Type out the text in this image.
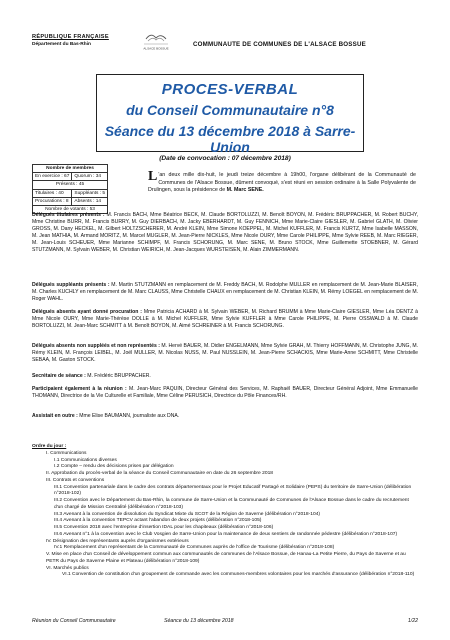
RÉPUBLIQUE FRANÇAISE
Département du Bas-Rhin
ALSACE BOSSUE
COMMUNAUTE DE COMMUNES DE L'ALSACE BOSSUE
PROCES-VERBAL
du Conseil Communautaire n°8
Séance du 13 décembre 2018 à Sarre-Union
(Date de convocation : 07 décembre 2018)
Nombre de membres	
En exercice : 67	Quorum : 34
Présents : 45	
Titulaires : 40	Suppléants : 5
Procurations : 8	Absents : 14
Nombre de votants : 53	
L 'an deux mille dix-huit, le jeudi treize décembre à 19h00, l'organe délibérant de la Communauté de Communes de l'Alsace Bossue, dûment convoqué, s'est réuni en session ordinaire à la Salle Polyvalente de Drulingen, sous la présidence de M. Marc SENE.

Délégués titulaires présents : M. Francis BACH, Mme Béatrice BECK, M. Claude BORTOLUZZI, M. Benoît BOYON, M. Frédéric BRUPPACHER, M. Robert BUCHY, Mme Christine BURR, M. Francis BURRY, M. Guy DIERBACH, M. Jacky EBERHARDT, M. Guy FENNICH, Mme Marie-Claire GIESLER, M. Gabriel GLATH, M. Olivier GROSS, M. Dany HECKEL, M. Gilbert HOLTZSCHERER, M. André KLEIN, Mme Simone KOEPPEL, M. Michel KUFFLER, M. Francis KURTZ, Mme Isabelle MASSON, M. Jean MATHIA, M. Armand MORITZ, M. Marcel MUGLER, M. Jean-Pierre NICKLES, Mme Nicole OURY, Mme Carole PHILIPPE, Mme Sylvie REEB, M. Marc RIEGER, M. Jean-Louis SCHEUER, Mme Marianne SCHIMPF, M. Francis SCHORUNG, M. Marc SENE, M. Bruno STOCK, Mme Guillemette STOEBNER, M. Gérard STUTZMANN, M. Sylvain WEBER, M. Christian WEIRICH, M. Jean-Jacques WURSTEISEN, M. Alain ZIMMERMANN.

Délégués suppléants présents : M. Martin STUTZMANN en remplacement de M. Freddy BACH, M. Rodolphe MULLER en remplacement de M. Jean-Marie BLAISER, M. Charles KUCHLY en remplacement de M. Marc CLAUSS, Mme Christelle CHAUX en remplacement de M. Christian KLEIN, M. Rémy LOEGEL en remplacement de M. Roger WAHL.

Délégués absents ayant donné procuration : Mme Patricia ACHARD à M. Sylvain WEBER, M. Richard BRUMM à Mme Marie-Claire GIESLER, Mme Léa DENTZ à Mme Nicole OURY, Mme Marie-Thérèse DOLLE à M. Michel KUFFLER, Mme Sylvie KUFFLER à Mme Carole PHILIPPE, M. Pierre OSSWALD à M. Claude BORTOLUZZI, M. Jean-Marc SCHMITT à M. Benoît BOYON, M. Aimé SCHREINER à M. Francis SCHORUNG.

Délégués absents non suppléés et non représentés : M. Hervé BAUER, M. Didier ENGELMANN, Mme Sylvie GRAH, M. Thierry HOFFMANN, M. Christophe JUNG, M. Rémy KLEIN, M. François LEIBEL, M. Joël MULLER, M. Nicolas NUSS, M. Paul NUSSLEIN, M. Jean-Pierre SCHACKIS, Mme Marie-Anne SCHMITT, Mme Christelle SEBAA, M. Gaston STOCK.

Secrétaire de séance : M. Frédéric BRUPPACHER.

Participaient également à la réunion : M. Jean-Marc PAQUIN, Directeur Général des Services, M. Raphaël BAUER, Directeur Général Adjoint, Mme Emmanuelle THOMANN, Directrice de la Vie Culturelle et Familiale, Mme Céline PERUSICH, Directrice du Pôle Finances/RH.

Assistait en outre : Mme Elise BAUMANN, journaliste aux DNA.

Ordre du jour :
I. Communications
I.1 Communications diverses
I.2 Compte – rendu des décisions prises par délégation
II. Approbation du procès-verbal de la séance du Conseil Communautaire en date du 26 septembre 2018
III. Contrats et conventions
III.1 Convention partenariale dans le cadre des contrats départementaux pour le Projet Educatif Partagé et Solidaire (PEPS) du territoire de Sarre-Union (délibération n°2018-102)
III.2 Convention avec le Département du Bas-Rhin, la commune de Sarre-Union et la Communauté de Communes de l'Alsace Bossue dans le cadre du recrutement d'un chargé de Mission Centralité (délibération n°2018-103)
III.3 Avenant à la convention de dissolution du Syndicat Mixte du SCOT de la Région de Saverne (délibération n°2018-104)
III.4 Avenant à la convention TEPCV actant l'abandon de deux projets (délibération n°2018-105)
III.5 Convention 2018 avec l'entreprise d'insertion IDAL pour les chapiteaux (délibération n°2018-106)
III.6 Avenant n°1 à la convention avec le Club Vosgien de Sarre-Union pour la maintenance de deux sentiers de randonnée pédestre (délibération n°2018-107)
IV. Désignation des représentants auprès d'organismes extérieurs
IV.1 Remplacement d'un représentant de la Communauté de Communes auprès de l'office de Tourisme (délibération n°2018-108)
V. Mise en place d'un Conseil de développement commun aux communautés de communes de l'Alsace Bossue, de Hanau-La Petite Pierre, du Pays de Saverne et au PETR du Pays de Saverne Plaine et Plateau (délibération n°2018-109)
VI. Marchés publics
VI.1 Convention de constitution d'un groupement de commande avec les communes-membres volontaires pour les marchés d'assurance (délibération n°2018-110)
Réunion du Conseil Communautaire	Séance du 13 décembre 2018	1/22
